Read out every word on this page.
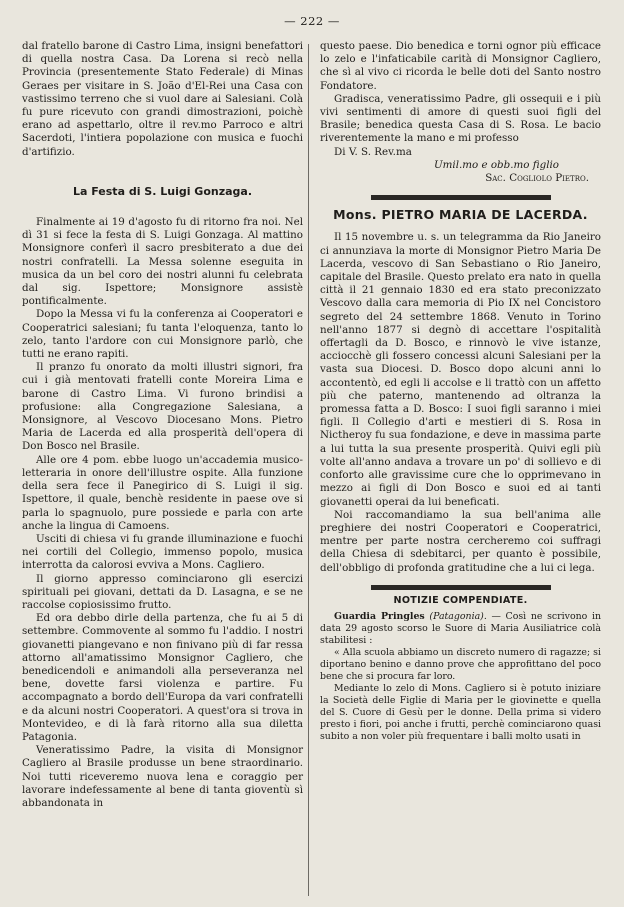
— 222 —

dal fratello barone di Castro Lima, insigni benefattori di quella nostra Casa. Da Lorena si recò nella Provincia (presentemente Stato Federale) di Minas Geraes per visitare in S. João d'El-Rei una Casa con vastissimo terreno che si vuol dare ai Salesiani. Colà fu pure ricevuto con grandi dimostrazioni, poichè erano ad aspettarlo, oltre il rev.mo Parroco e altri Sacerdoti, l'intiera popolazione con musica e fuochi d'artifizio.

La Festa di S. Luigi Gonzaga.

Finalmente ai 19 d'agosto fu di ritorno fra noi. Nel dì 31 si fece la festa di S. Luigi Gonzaga. Al mattino Monsignore conferì il sacro presbiterato a due dei nostri confratelli. La Messa solenne eseguita in musica da un bel coro dei nostri alunni fu celebrata dal sig. Ispettore; Monsignore assistè pontificalmente.

Dopo la Messa vi fu la conferenza ai Cooperatori e Cooperatrici salesiani; fu tanta l'eloquenza, tanto lo zelo, tanto l'ardore con cui Monsignore parlò, che tutti ne erano rapiti.

Il pranzo fu onorato da molti illustri signori, fra cui i già mentovati fratelli conte Moreira Lima e barone di Castro Lima. Vi furono brindisi a profusione: alla Congregazione Salesiana, a Monsignore, al Vescovo Diocesano Mons. Pietro Maria de Lacerda ed alla prosperità dell'opera di Don Bosco nel Brasile.

Alle ore 4 pom. ebbe luogo un'accademia musico-letteraria in onore dell'illustre ospite. Alla funzione della sera fece il Panegirico di S. Luigi il sig. Ispettore, il quale, benchè residente in paese ove si parla lo spagnuolo, pure possiede e parla con arte anche la lingua di Camoens.

Usciti di chiesa vi fu grande illuminazione e fuochi nei cortili del Collegio, immenso popolo, musica interrotta da calorosi evviva a Mons. Cagliero.

Il giorno appresso cominciarono gli esercizi spirituali pei giovani, dettati da D. Lasagna, e se ne raccolse copiosissimo frutto.

Ed ora debbo dirle della partenza, che fu ai 5 di settembre. Commovente al sommo fu l'addio. I nostri giovanetti piangevano e non finivano più di far ressa attorno all'amatissimo Monsignor Cagliero, che benedicendoli e animandoli alla perseveranza nel bene, dovette farsi violenza e partire. Fu accompagnato a bordo dell'Europa da vari confratelli e da alcuni nostri Cooperatori. A quest'ora si trova in Montevideo, e di là farà ritorno alla sua diletta Patagonia.

Veneratissimo Padre, la visita di Monsignor Cagliero al Brasile produsse un bene straordinario. Noi tutti riceveremo nuova lena e coraggio per lavorare indefessamente al bene di tanta gioventù sì abbandonata in

questo paese. Dio benedica e torni ognor più efficace lo zelo e l'infaticabile carità di Monsignor Cagliero, che sì al vivo ci ricorda le belle doti del Santo nostro Fondatore.

Gradisca, veneratissimo Padre, gli ossequii e i più vivi sentimenti di amore di questi suoi figli del Brasile; benedica questa Casa di S. Rosa. Le bacio riverentemente la mano e mi professo

Di V. S. Rev.ma

Umil.mo e obb.mo figlio
Sac. Cogliolo Pietro.
Mons. PIETRO MARIA DE LACERDA.

Il 15 novembre u. s. un telegramma da Rio Janeiro ci annunziava la morte di Monsignor Pietro Maria De Lacerda, vescovo di San Sebastiano o Rio Janeiro, capitale del Brasile. Questo prelato era nato in quella città il 21 gennaio 1830 ed era stato preconizzato Vescovo dalla cara memoria di Pio IX nel Concistoro segreto del 24 settembre 1868. Venuto in Torino nell'anno 1877 si degnò di accettare l'ospitalità offertagli da D. Bosco, e rinnovò le vive istanze, acciocchè gli fossero concessi alcuni Salesiani per la vasta sua Diocesi. D. Bosco dopo alcuni anni lo accontentò, ed egli li accolse e li trattò con un affetto più che paterno, mantenendo ad oltranza la promessa fatta a D. Bosco: I suoi figli saranno i miei figli. Il Collegio d'arti e mestieri di S. Rosa in Nictheroy fu sua fondazione, e deve in massima parte a lui tutta la sua presente prosperità. Quivi egli più volte all'anno andava a trovare un po' di sollievo e di conforto alle gravissime cure che lo opprimevano in mezzo ai figli di Don Bosco e suoi ed ai tanti giovanetti operai da lui beneficati.

Noi raccomandiamo la sua bell'anima alle preghiere dei nostri Cooperatori e Cooperatrici, mentre per parte nostra cercheremo coi suffragi della Chiesa di sdebitarci, per quanto è possibile, dell'obbligo di profonda gratitudine che a lui ci lega.

NOTIZIE COMPENDIATE.

Guardia Pringles (Patagonia). — Così ne scrivono in data 29 agosto scorso le Suore di Maria Ausiliatrice colà stabilitesi :

« Alla scuola abbiamo un discreto numero di ragazze; si diportano benino e danno prove che approfittano del poco bene che si procura far loro.

Mediante lo zelo di Mons. Cagliero si è potuto iniziare la Società delle Figlie di Maria per le giovinette e quella del S. Cuore di Gesù per le donne. Della prima si videro presto i fiori, poi anche i frutti, perchè cominciarono quasi subito a non voler più frequentare i balli molto usati in
